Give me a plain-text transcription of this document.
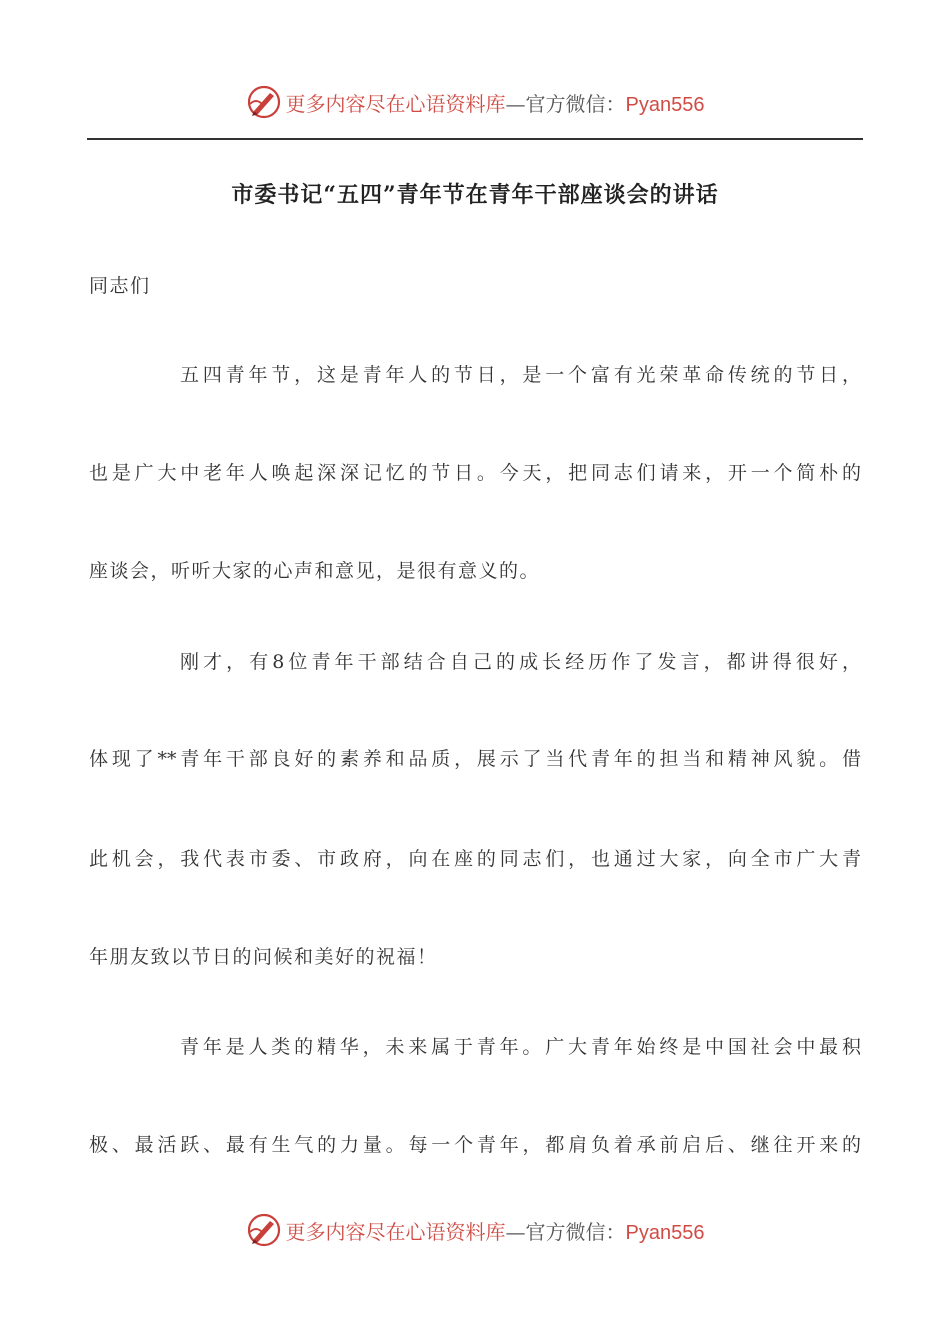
更多内容尽在心语资料库—官方微信：Pyan556
市委书记“五四”青年节在青年干部座谈会的讲话
同志们
五四青年节，这是青年人的节日，是一个富有光荣革命传统的节日，
也是广大中老年人唤起深深记忆的节日。今天，把同志们请来，开一个简朴的
座谈会，听听大家的心声和意见，是很有意义的。
刚才，有8位青年干部结合自己的成长经历作了发言，都讲得很好，
体现了**青年干部良好的素养和品质，展示了当代青年的担当和精神风貌。借
此机会，我代表市委、市政府，向在座的同志们，也通过大家，向全市广大青
年朋友致以节日的问候和美好的祝福！
青年是人类的精华，未来属于青年。广大青年始终是中国社会中最积
极、最活跃、最有生气的力量。每一个青年，都肩负着承前启后、继往开来的
更多内容尽在心语资料库—官方微信：Pyan556
